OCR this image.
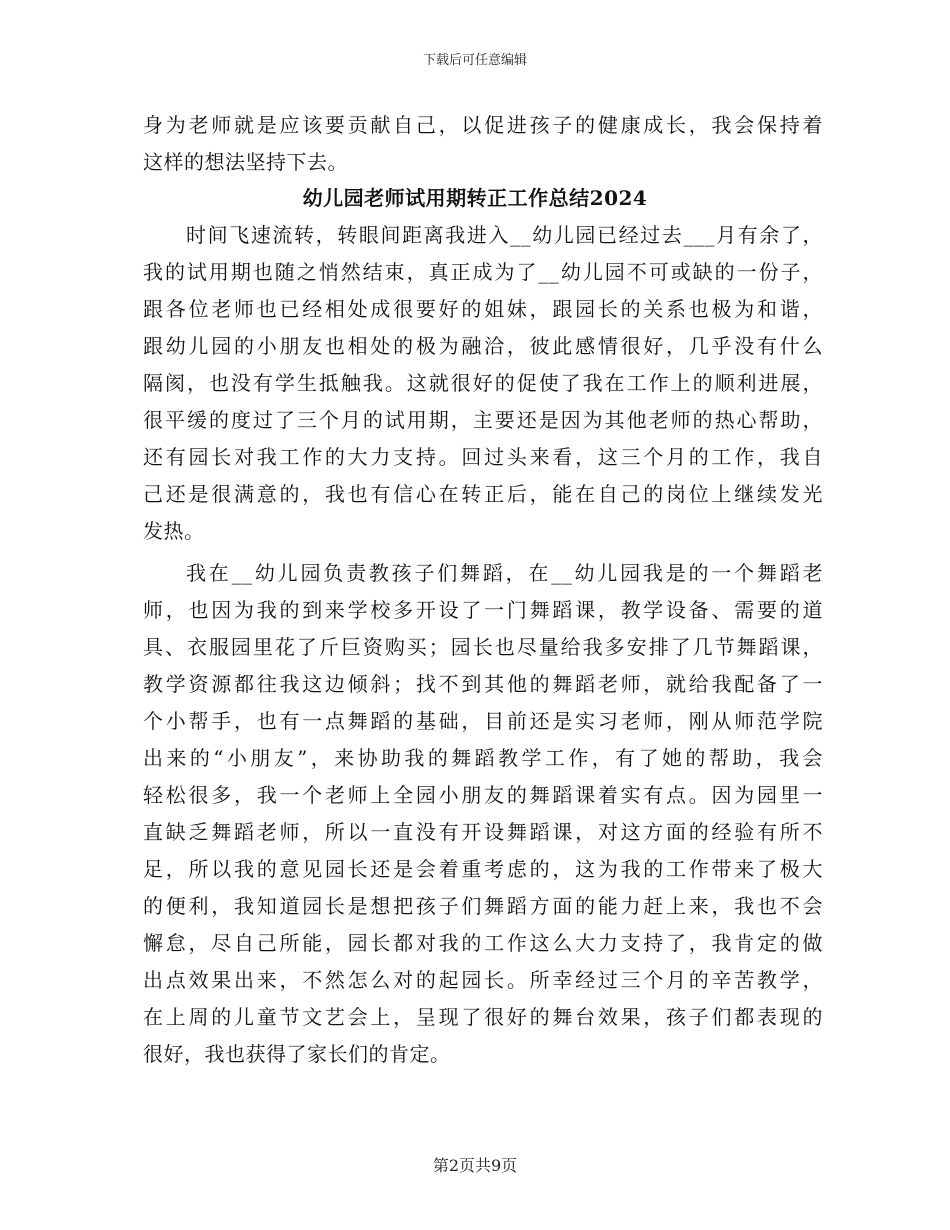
下载后可任意编辑
身为老师就是应该要贡献自己，以促进孩子的健康成长，我会保持着
这样的想法坚持下去。
幼儿园老师试用期转正工作总结2024
时间飞速流转，转眼间距离我进入__幼儿园已经过去___月有余了，
我的试用期也随之悄然结束，真正成为了__幼儿园不可或缺的一份子，
跟各位老师也已经相处成很要好的姐妹，跟园长的关系也极为和谐，
跟幼儿园的小朋友也相处的极为融洽，彼此感情很好，几乎没有什么
隔阂，也没有学生抵触我。这就很好的促使了我在工作上的顺利进展，
很平缓的度过了三个月的试用期，主要还是因为其他老师的热心帮助，
还有园长对我工作的大力支持。回过头来看，这三个月的工作，我自
己还是很满意的，我也有信心在转正后，能在自己的岗位上继续发光
发热。
我在__幼儿园负责教孩子们舞蹈，在__幼儿园我是的一个舞蹈老
师，也因为我的到来学校多开设了一门舞蹈课，教学设备、需要的道
具、衣服园里花了斤巨资购买；园长也尽量给我多安排了几节舞蹈课，
教学资源都往我这边倾斜；找不到其他的舞蹈老师，就给我配备了一
个小帮手，也有一点舞蹈的基础，目前还是实习老师，刚从师范学院
出来的“小朋友”，来协助我的舞蹈教学工作，有了她的帮助，我会
轻松很多，我一个老师上全园小朋友的舞蹈课着实有点。因为园里一
直缺乏舞蹈老师，所以一直没有开设舞蹈课，对这方面的经验有所不
足，所以我的意见园长还是会着重考虑的，这为我的工作带来了极大
的便利，我知道园长是想把孩子们舞蹈方面的能力赶上来，我也不会
懈怠，尽自己所能，园长都对我的工作这么大力支持了，我肯定的做
出点效果出来，不然怎么对的起园长。所幸经过三个月的辛苦教学，
在上周的儿童节文艺会上，呈现了很好的舞台效果，孩子们都表现的
很好，我也获得了家长们的肯定。
第2页共9页
